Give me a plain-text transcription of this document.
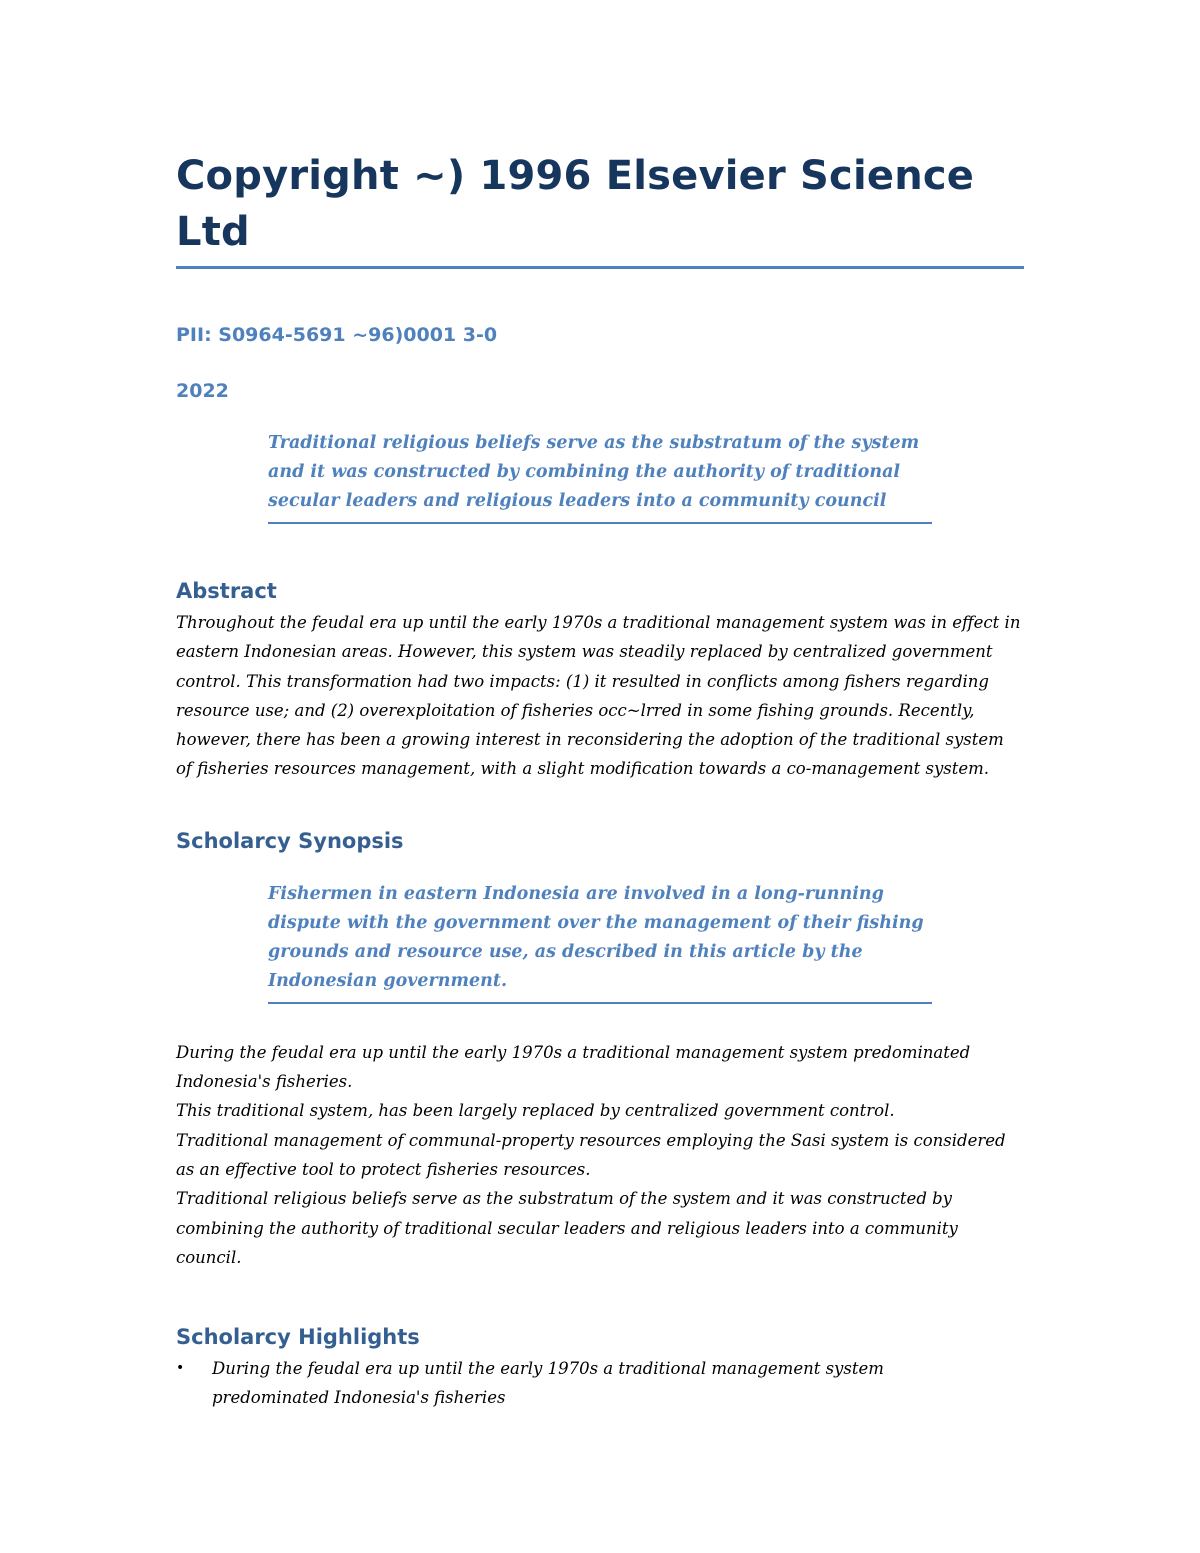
Copyright ~) 1996 Elsevier Science Ltd

PII: S0964-5691 ~96)0001 3-0

2022

Traditional religious beliefs serve as the substratum of the system and it was constructed by combining the authority of traditional secular leaders and religious leaders into a community council
Abstract

Throughout the feudal era up until the early 1970s a traditional management system was in effect in eastern Indonesian areas. However, this system was steadily replaced by centralized government control. This transformation had two impacts: (1) it resulted in conflicts among fishers regarding resource use; and (2) overexploitation of fisheries occ~lrred in some fishing grounds. Recently, however, there has been a growing interest in reconsidering the adoption of the traditional system of fisheries resources management, with a slight modification towards a co-management system.

Scholarcy Synopsis
Fishermen in eastern Indonesia are involved in a long-running dispute with the government over the management of their fishing grounds and resource use, as described in this article by the Indonesian government.

During the feudal era up until the early 1970s a traditional management system predominated Indonesia's fisheries.

This traditional system, has been largely replaced by centralized government control.

Traditional management of communal-property resources employing the Sasi system is considered as an effective tool to protect fisheries resources.

Traditional religious beliefs serve as the substratum of the system and it was constructed by combining the authority of traditional secular leaders and religious leaders into a community council.

Scholarcy Highlights
• During the feudal era up until the early 1970s a traditional management system predominated Indonesia's fisheries
